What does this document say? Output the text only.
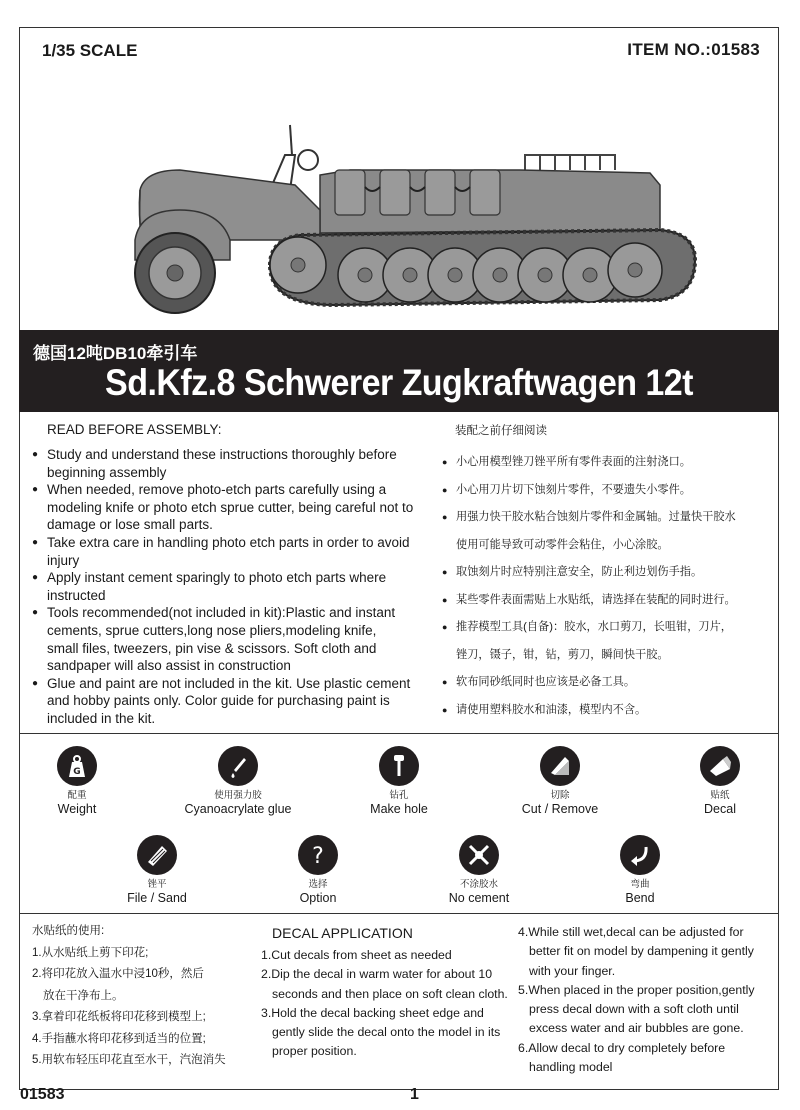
1/35 SCALE	ITEM NO.:01583
德国12吨DB10牵引车
Sd.Kfz.8 Schwerer Zugkraftwagen 12t
READ BEFORE ASSEMBLY:
● Study and understand these instructions thoroughly before
beginning assembly
● When needed, remove photo-etch parts carefully using a
modeling knife or photo etch sprue cutter, being careful not to
damage or lose small parts.
● Take extra care in handling photo etch parts in order to avoid
injury
● Apply instant cement sparingly to photo etch parts where
instructed
● Tools recommended(not included in kit):Plastic and instant
cements, sprue cutters,long nose pliers,modeling knife,
small files, tweezers, pin vise & scissors. Soft cloth and
sandpaper will also assist in construction
● Glue and paint are not included in the kit. Use plastic cement
and hobby paints only. Color guide for purchasing paint is
included in the kit.
装配之前仔细阅读
● 小心用模型锉刀锉平所有零件表面的注射浇口。
● 小心用刀片切下蚀刻片零件，不要遗失小零件。
● 用强力快干胶水粘合蚀刻片零件和金属轴。过量快干胶水
使用可能导致可动零件会粘住，小心涂胶。
● 取蚀刻片时应特别注意安全，防止利边划伤手指。
● 某些零件表面需贴上水贴纸，请选择在装配的同时进行。
● 推荐模型工具(自备)：胶水，水口剪刀，长咀钳，刀片，
锉刀，镊子，钳，钻，剪刀，瞬间快干胶。
● 软布同砂纸同时也应该是必备工具。
● 请使用塑料胶水和油漆，模型内不含。
G
配重
Weight
使用强力胶
Cyanoacrylate glue
钻孔
Make hole
切除
Cut / Remove
贴纸
Decal
锉平
File / Sand
?
选择
Option
不涂胶水
No cement
弯曲
Bend
水贴纸的使用:
1.从水贴纸上剪下印花;
2.将印花放入温水中浸10秒，然后
放在干净布上。
3.拿着印花纸板将印花移到模型上;
4.手指蘸水将印花移到适当的位置;
5.用软布轻压印花直至水干，汽泡消失
DECAL APPLICATION
1.Cut decals from sheet as needed
2.Dip the decal in warm water for about 10
seconds and then place on soft clean cloth.
3.Hold the decal backing sheet edge and
gently slide the decal onto the model in its
proper position.
4.While still wet,decal can be adjusted for
better fit on model by dampening it gently
with your finger.
5.When placed in the proper position,gently
press decal down with a soft cloth until
excess water and air bubbles are gone.
6.Allow decal to dry completely before
handling model
01583	1
